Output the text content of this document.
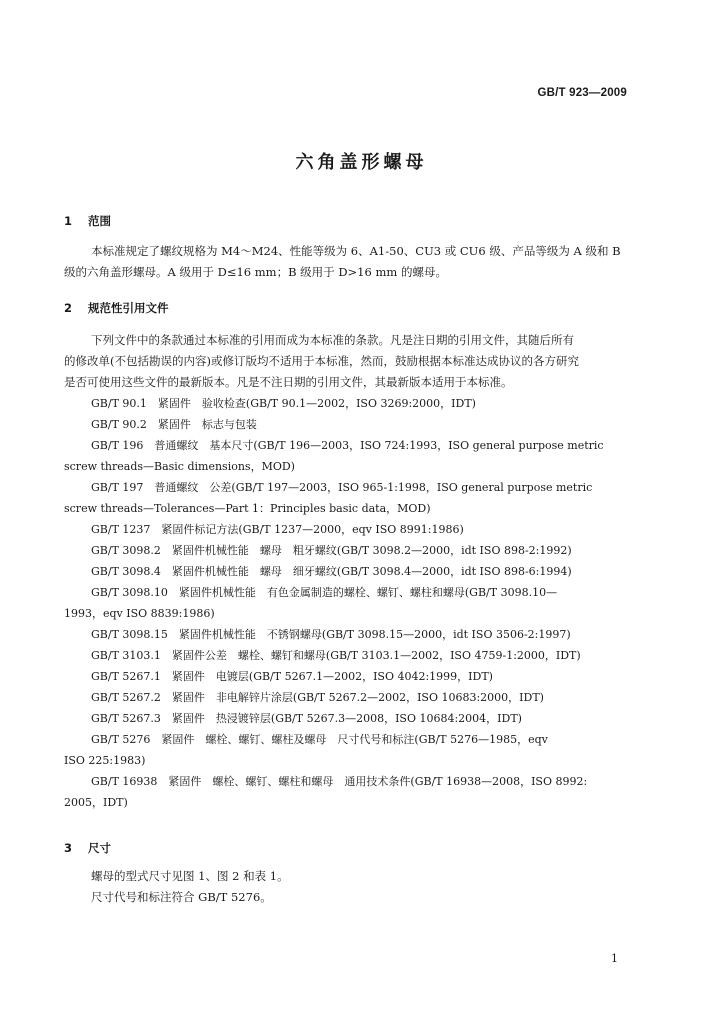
GB/T 923—2009
六角盖形螺母
1 范围
本标准规定了螺纹规格为 M4～M24、性能等级为 6、A1-50、CU3 或 CU6 级、产品等级为 A 级和 B
级的六角盖形螺母。A 级用于 D≤16 mm；B 级用于 D>16 mm 的螺母。
2 规范性引用文件
下列文件中的条款通过本标准的引用而成为本标准的条款。凡是注日期的引用文件，其随后所有
的修改单(不包括勘误的内容)或修订版均不适用于本标准，然而，鼓励根据本标准达成协议的各方研究
是否可使用这些文件的最新版本。凡是不注日期的引用文件，其最新版本适用于本标准。
GB/T 90.1　紧固件　验收检查(GB/T 90.1—2002，ISO 3269:2000，IDT)
GB/T 90.2　紧固件　标志与包装
GB/T 196　普通螺纹　基本尺寸(GB/T 196—2003，ISO 724:1993，ISO general purpose metric
screw threads—Basic dimensions，MOD)
GB/T 197　普通螺纹　公差(GB/T 197—2003，ISO 965-1:1998，ISO general purpose metric
screw threads—Tolerances—Part 1：Principles basic data，MOD)
GB/T 1237　紧固件标记方法(GB/T 1237—2000，eqv ISO 8991:1986)
GB/T 3098.2　紧固件机械性能　螺母　粗牙螺纹(GB/T 3098.2—2000，idt ISO 898-2:1992)
GB/T 3098.4　紧固件机械性能　螺母　细牙螺纹(GB/T 3098.4—2000，idt ISO 898-6:1994)
GB/T 3098.10　紧固件机械性能　有色金属制造的螺栓、螺钉、螺柱和螺母(GB/T 3098.10—
1993，eqv ISO 8839:1986)
GB/T 3098.15　紧固件机械性能　不锈钢螺母(GB/T 3098.15—2000，idt ISO 3506-2:1997)
GB/T 3103.1　紧固件公差　螺栓、螺钉和螺母(GB/T 3103.1—2002，ISO 4759-1:2000，IDT)
GB/T 5267.1　紧固件　电镀层(GB/T 5267.1—2002，ISO 4042:1999，IDT)
GB/T 5267.2　紧固件　非电解锌片涂层(GB/T 5267.2—2002，ISO 10683:2000，IDT)
GB/T 5267.3　紧固件　热浸镀锌层(GB/T 5267.3—2008，ISO 10684:2004，IDT)
GB/T 5276　紧固件　螺栓、螺钉、螺柱及螺母　尺寸代号和标注(GB/T 5276—1985，eqv
ISO 225:1983)
GB/T 16938　紧固件　螺栓、螺钉、螺柱和螺母　通用技术条件(GB/T 16938—2008，ISO 8992:
2005，IDT)
3 尺寸
螺母的型式尺寸见图 1、图 2 和表 1。
尺寸代号和标注符合 GB/T 5276。
1
